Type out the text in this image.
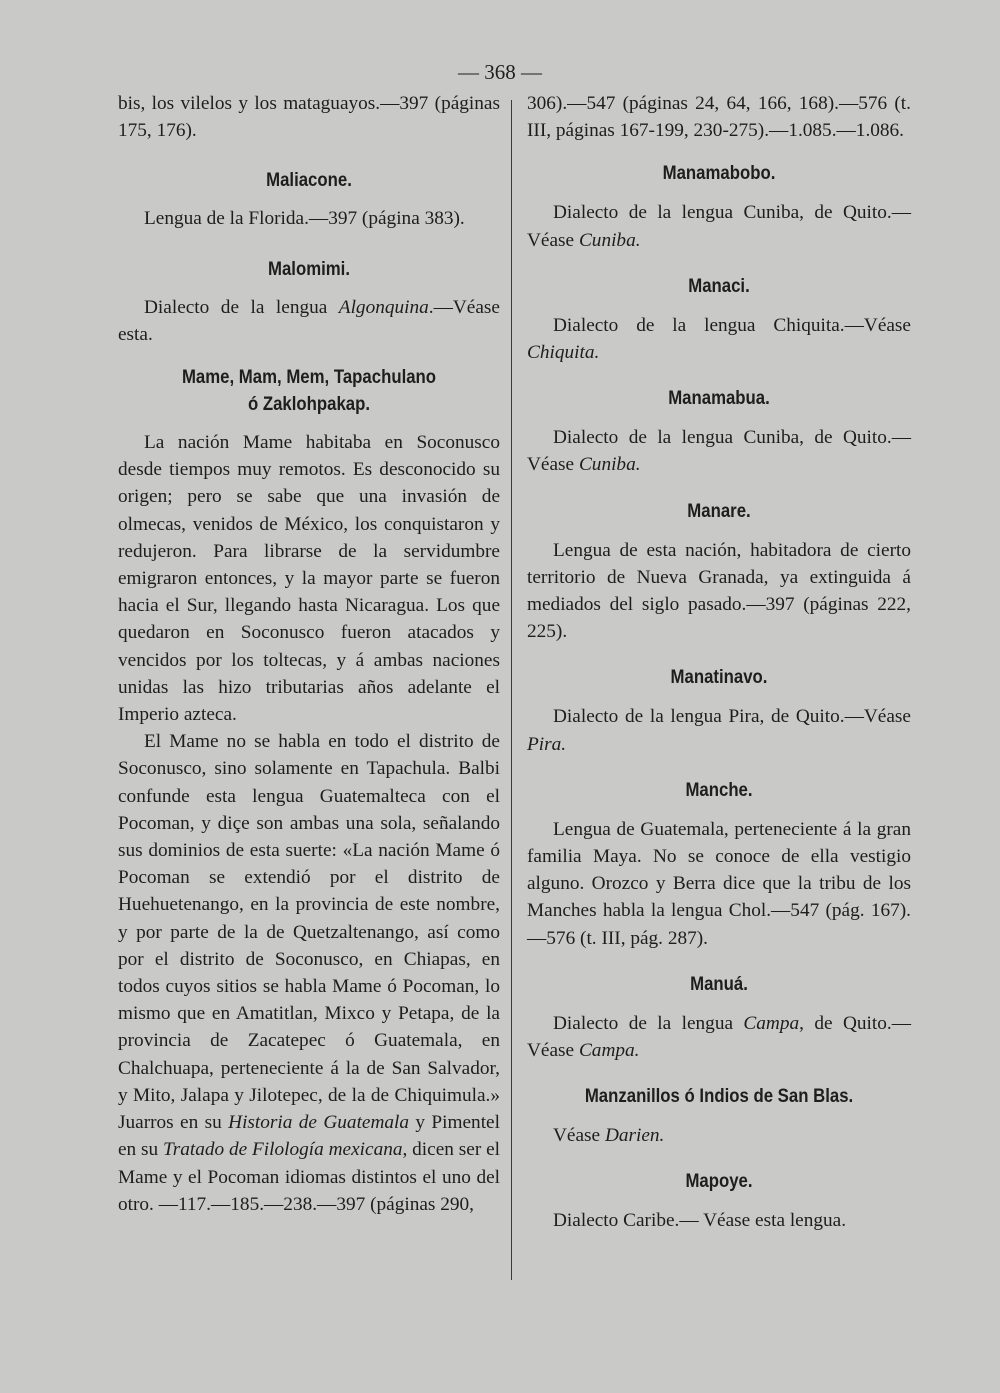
— 368 —

bis, los vilelos y los mataguayos.—397 (páginas 175, 176).

Maliacone.

Lengua de la Florida.—397 (página 383).

Malomimi.

Dialecto de la lengua Algonquina.—Véase esta.

Mame, Mam, Mem, Tapachulano
ó Zaklohpakap.

La nación Mame habitaba en Soconusco desde tiempos muy remotos. Es desconocido su origen; pero se sabe que una invasión de olmecas, venidos de México, los conquistaron y redujeron. Para librarse de la servidumbre emigraron entonces, y la mayor parte se fueron hacia el Sur, llegando hasta Nicaragua. Los que quedaron en Soconusco fueron atacados y vencidos por los toltecas, y á ambas naciones unidas las hizo tributarias años adelante el Imperio azteca.

El Mame no se habla en todo el distrito de Soconusco, sino solamente en Tapachula. Balbi confunde esta lengua Guatemalteca con el Pocoman, y diçe son ambas una sola, señalando sus dominios de esta suerte: «La nación Mame ó Pocoman se extendió por el distrito de Huehuetenango, en la provincia de este nombre, y por parte de la de Quetzaltenango, así como por el distrito de Soconusco, en Chiapas, en todos cuyos sitios se habla Mame ó Pocoman, lo mismo que en Amatitlan, Mixco y Petapa, de la provincia de Zacatepec ó Guatemala, en Chalchuapa, perteneciente á la de San Salvador, y Mito, Jalapa y Jilotepec, de la de Chiquimula.» Juarros en su Historia de Guatemala y Pimentel en su Tratado de Filología mexicana, dicen ser el Mame y el Pocoman idiomas distintos el uno del otro. —117.—185.—238.—397 (páginas 290,

306).—547 (páginas 24, 64, 166, 168).—576 (t. III, páginas 167-199, 230-275).—1.085.—1.086.

Manamabobo.

Dialecto de la lengua Cuniba, de Quito.—Véase Cuniba.

Manaci.

Dialecto de la lengua Chiquita.—Véase Chiquita.

Manamabua.

Dialecto de la lengua Cuniba, de Quito.—Véase Cuniba.

Manare.

Lengua de esta nación, habitadora de cierto territorio de Nueva Granada, ya extinguida á mediados del siglo pasado.—397 (páginas 222, 225).

Manatinavo.

Dialecto de la lengua Pira, de Quito.—Véase Pira.

Manche.

Lengua de Guatemala, perteneciente á la gran familia Maya. No se conoce de ella vestigio alguno. Orozco y Berra dice que la tribu de los Manches habla la lengua Chol.—547 (pág. 167).—576 (t. III, pág. 287).

Manuá.

Dialecto de la lengua Campa, de Quito.—Véase Campa.

Manzanillos ó Indios de San Blas.

Véase Darien.

Mapoye.

Dialecto Caribe.— Véase esta lengua.
